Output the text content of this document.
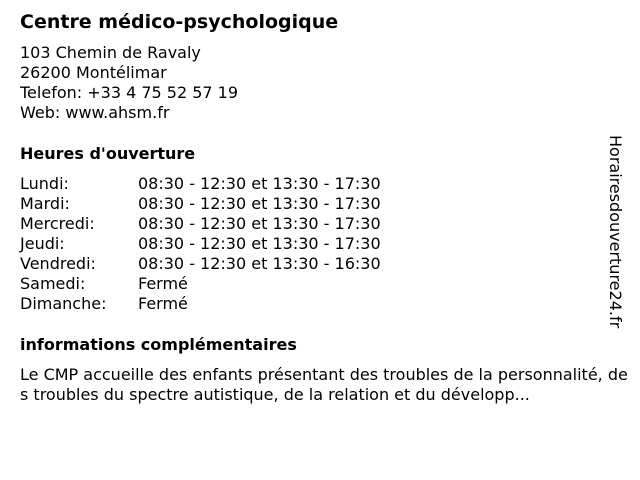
Centre médico-psychologique
103 Chemin de Ravaly
26200 Montélimar
Telefon: +33 4 75 52 57 19
Web: www.ahsm.fr
Heures d'ouverture
Lundi:	08:30 - 12:30 et 13:30 - 17:30
Mardi:	08:30 - 12:30 et 13:30 - 17:30
Mercredi:	08:30 - 12:30 et 13:30 - 17:30
Jeudi:	08:30 - 12:30 et 13:30 - 17:30
Vendredi:	08:30 - 12:30 et 13:30 - 16:30
Samedi:	Fermé
Dimanche: Fermé
informations complémentaires
Le CMP accueille des enfants présentant des troubles de la personnalité, des troubles du spectre autistique, de la relation et du développ...
Horairesdouverture24.fr
